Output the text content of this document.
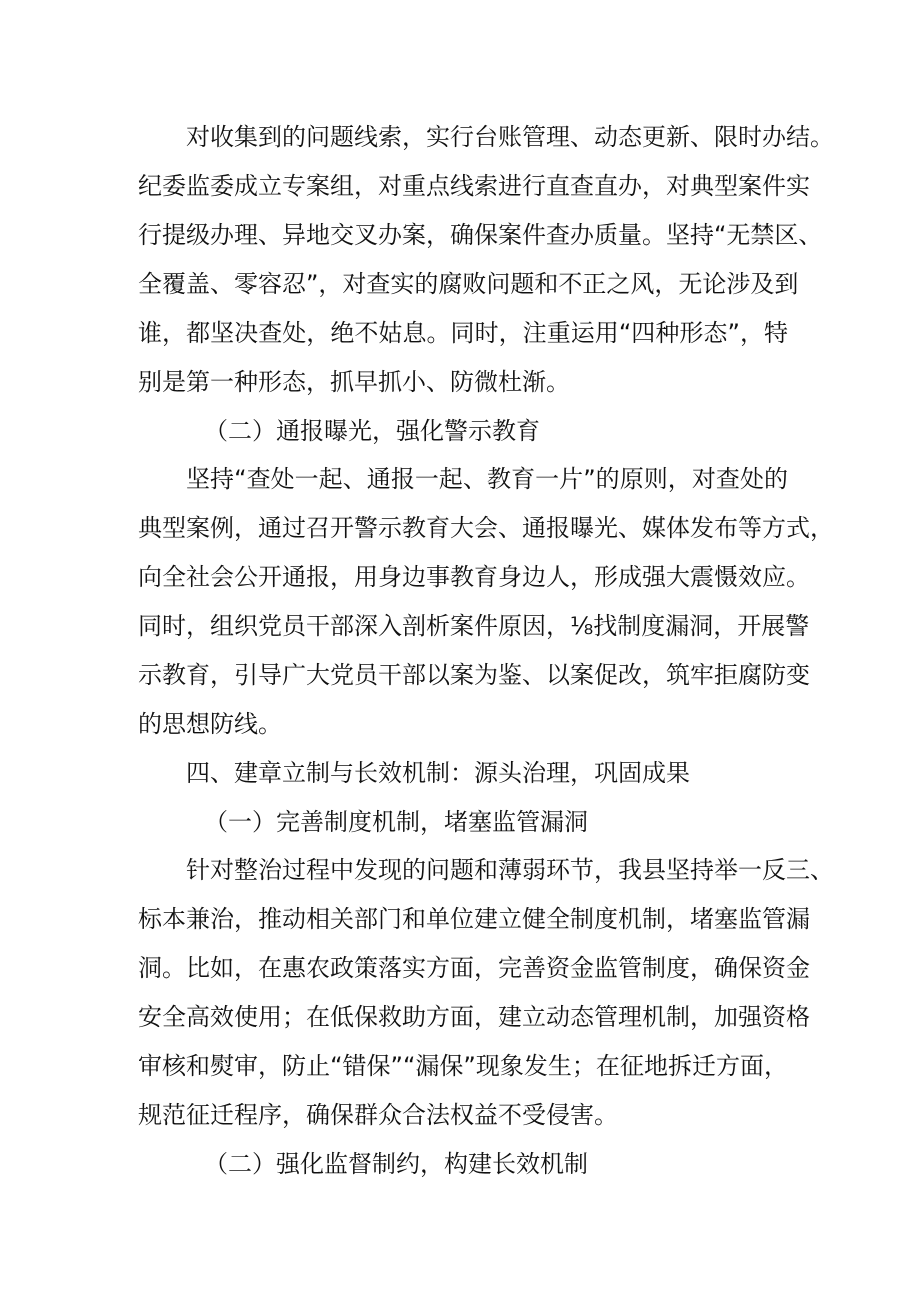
对收集到的问题线索，实行台账管理、动态更新、限时办结。
纪委监委成立专案组，对重点线索进行直查直办，对典型案件实
行提级办理、异地交叉办案，确保案件查办质量。坚持“无禁区、
全覆盖、零容忍”，对查实的腐败问题和不正之风，无论涉及到
谁，都坚决查处，绝不姑息。同时，注重运用“四种形态”，特
别是第一种形态，抓早抓小、防微杜渐。
（二）通报曝光，强化警示教育
坚持“查处一起、通报一起、教育一片”的原则，对查处的
典型案例，通过召开警示教育大会、通报曝光、媒体发布等方式，
向全社会公开通报，用身边事教育身边人，形成强大震慑效应。
同时，组织党员干部深入剖析案件原因，⅛找制度漏洞，开展警
示教育，引导广大党员干部以案为鉴、以案促改，筑牢拒腐防变
的思想防线。
四、建章立制与长效机制：源头治理，巩固成果
（一）完善制度机制，堵塞监管漏洞
针对整治过程中发现的问题和薄弱环节，我县坚持举一反三、
标本兼治，推动相关部门和单位建立健全制度机制，堵塞监管漏
洞。比如，在惠农政策落实方面，完善资金监管制度，确保资金
安全高效使用；在低保救助方面，建立动态管理机制，加强资格
审核和熨审，防止“错保”“漏保”现象发生；在征地拆迁方面，
规范征迁程序，确保群众合法权益不受侵害。
（二）强化监督制约，构建长效机制
